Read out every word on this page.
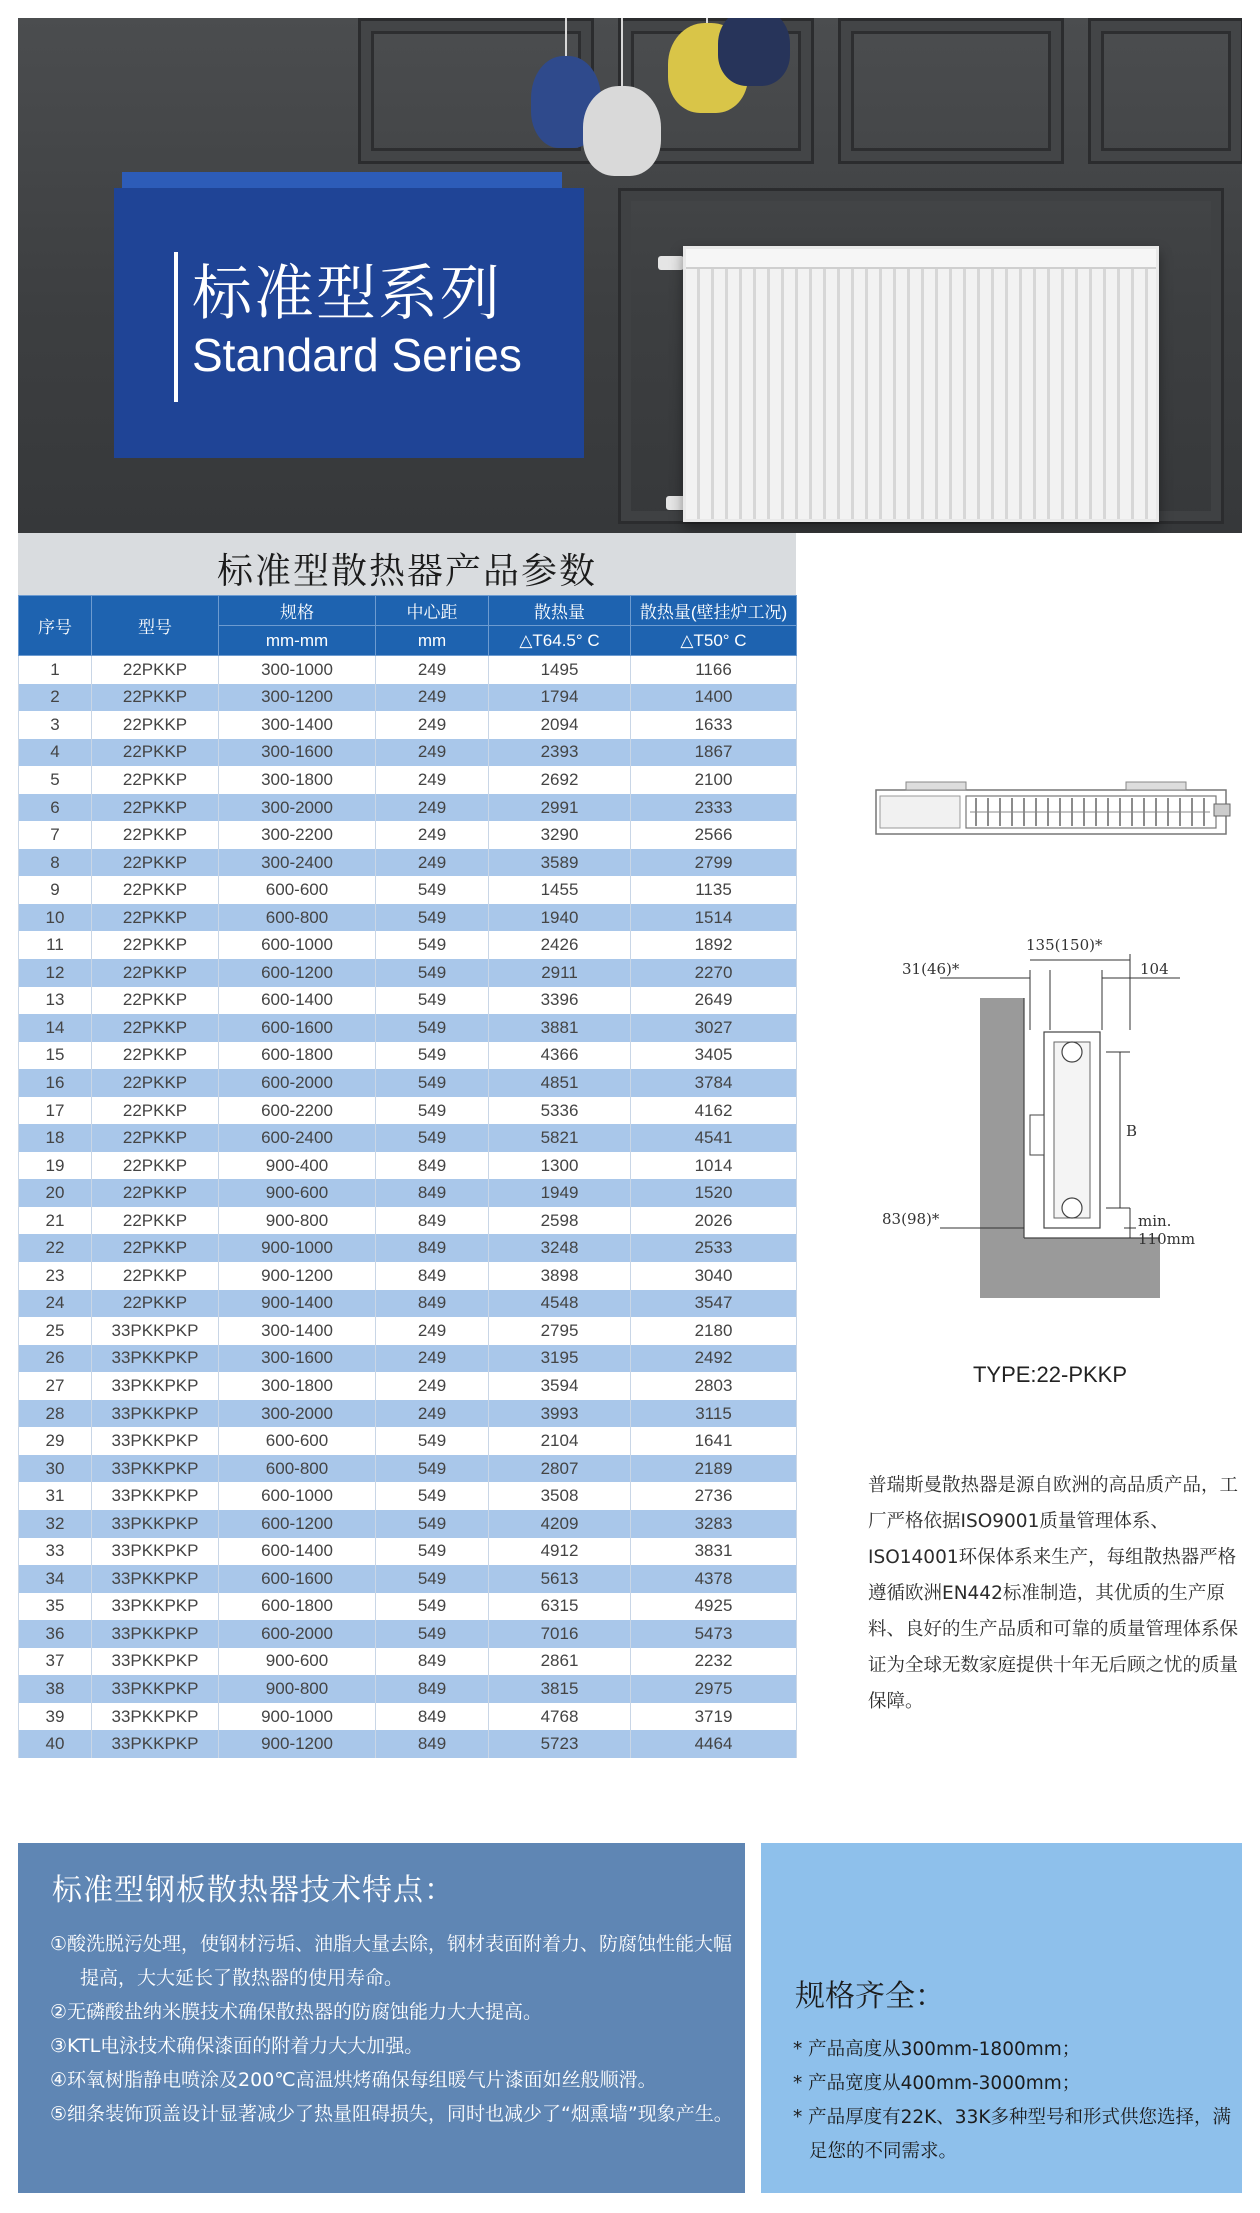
标准型系列
Standard Series
标准型散热器产品参数
序号	型号	规格	中心距	散热量	散热量(壁挂炉工况)
		mm-mm	mm	△T64.5° C	△T50° C
1	22PKKP	300-1000	249	1495	1166
2	22PKKP	300-1200	249	1794	1400
3	22PKKP	300-1400	249	2094	1633
4	22PKKP	300-1600	249	2393	1867
5	22PKKP	300-1800	249	2692	2100
6	22PKKP	300-2000	249	2991	2333
7	22PKKP	300-2200	249	3290	2566
8	22PKKP	300-2400	249	3589	2799
9	22PKKP	600-600	549	1455	1135
10	22PKKP	600-800	549	1940	1514
11	22PKKP	600-1000	549	2426	1892
12	22PKKP	600-1200	549	2911	2270
13	22PKKP	600-1400	549	3396	2649
14	22PKKP	600-1600	549	3881	3027
15	22PKKP	600-1800	549	4366	3405
16	22PKKP	600-2000	549	4851	3784
17	22PKKP	600-2200	549	5336	4162
18	22PKKP	600-2400	549	5821	4541
19	22PKKP	900-400	849	1300	1014
20	22PKKP	900-600	849	1949	1520
21	22PKKP	900-800	849	2598	2026
22	22PKKP	900-1000	849	3248	2533
23	22PKKP	900-1200	849	3898	3040
24	22PKKP	900-1400	849	4548	3547
25	33PKKPKP	300-1400	249	2795	2180
26	33PKKPKP	300-1600	249	3195	2492
27	33PKKPKP	300-1800	249	3594	2803
28	33PKKPKP	300-2000	249	3993	3115
29	33PKKPKP	600-600	549	2104	1641
30	33PKKPKP	600-800	549	2807	2189
31	33PKKPKP	600-1000	549	3508	2736
32	33PKKPKP	600-1200	549	4209	3283
33	33PKKPKP	600-1400	549	4912	3831
34	33PKKPKP	600-1600	549	5613	4378
35	33PKKPKP	600-1800	549	6315	4925
36	33PKKPKP	600-2000	549	7016	5473
37	33PKKPKP	900-600	849	2861	2232
38	33PKKPKP	900-800	849	3815	2975
39	33PKKPKP	900-1000	849	4768	3719
40	33PKKPKP	900-1200	849	5723	4464
31(46)*
135(150)*
104
B
83(98)*	min.
110mm
TYPE:22-PKKP
普瑞斯曼散热器是源自欧洲的高品质产品，工厂严格依据ISO9001质量管理体系、ISO14001环保体系来生产，每组散热器严格遵循欧洲EN442标准制造，其优质的生产原料、良好的生产品质和可靠的质量管理体系保证为全球无数家庭提供十年无后顾之忧的质量保障。
标准型钢板散热器技术特点：
①酸洗脱污处理，使钢材污垢、油脂大量去除，钢材表面附着力、防腐蚀性能大幅提高，大大延长了散热器的使用寿命。
②无磷酸盐纳米膜技术确保散热器的防腐蚀能力大大提高。
③KTL电泳技术确保漆面的附着力大大加强。
④环氧树脂静电喷涂及200℃高温烘烤确保每组暖气片漆面如丝般顺滑。
⑤细条装饰顶盖设计显著减少了热量阻碍损失，同时也减少了“烟熏墙”现象产生。
规格齐全：
* 产品高度从300mm-1800mm；
* 产品宽度从400mm-3000mm；
* 产品厚度有22K、33K多种型号和形式供您选择，满足您的不同需求。
